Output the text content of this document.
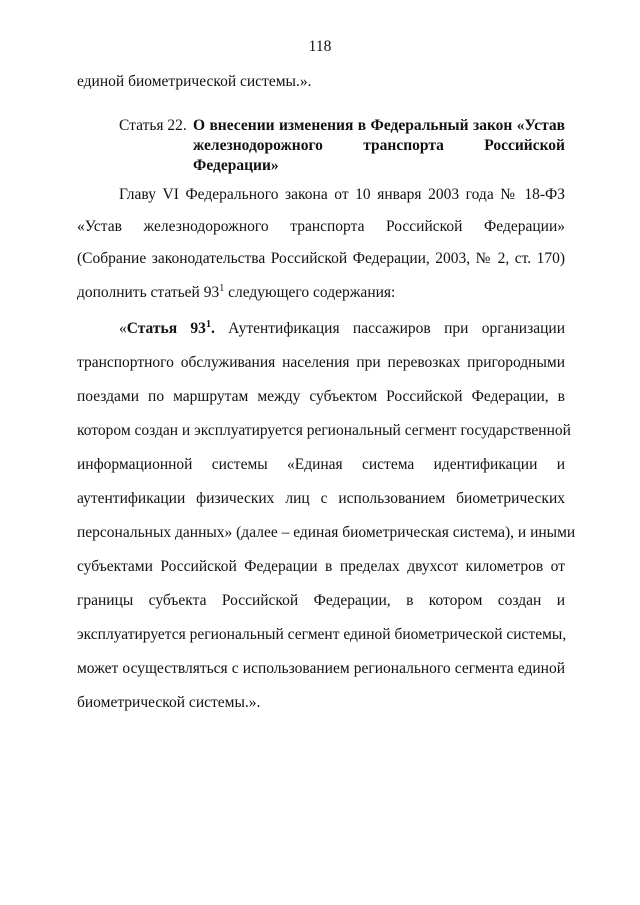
118
единой биометрической системы.».
Статья 22. О внесении изменения в Федеральный закон «Устав
железнодорожного транспорта Российской
Федерации»
Главу VI Федерального закона от 10 января 2003 года № 18-ФЗ
«Устав железнодорожного транспорта Российской Федерации»
(Собрание законодательства Российской Федерации, 2003, № 2, ст. 170)
дополнить статьей $93^1$ следующего содержания:
«Статья $93^1$. Аутентификация пассажиров при организации
транспортного обслуживания населения при перевозках пригородными
поездами по маршрутам между субъектом Российской Федерации, в
котором создан и эксплуатируется региональный сегмент государственной
информационной системы «Единая система идентификации и
аутентификации физических лиц с использованием биометрических
персональных данных» (далее – единая биометрическая система), и иными
субъектами Российской Федерации в пределах двухсот километров от
границы субъекта Российской Федерации, в котором создан и
эксплуатируется региональный сегмент единой биометрической системы,
может осуществляться с использованием регионального сегмента единой
биометрической системы.».
